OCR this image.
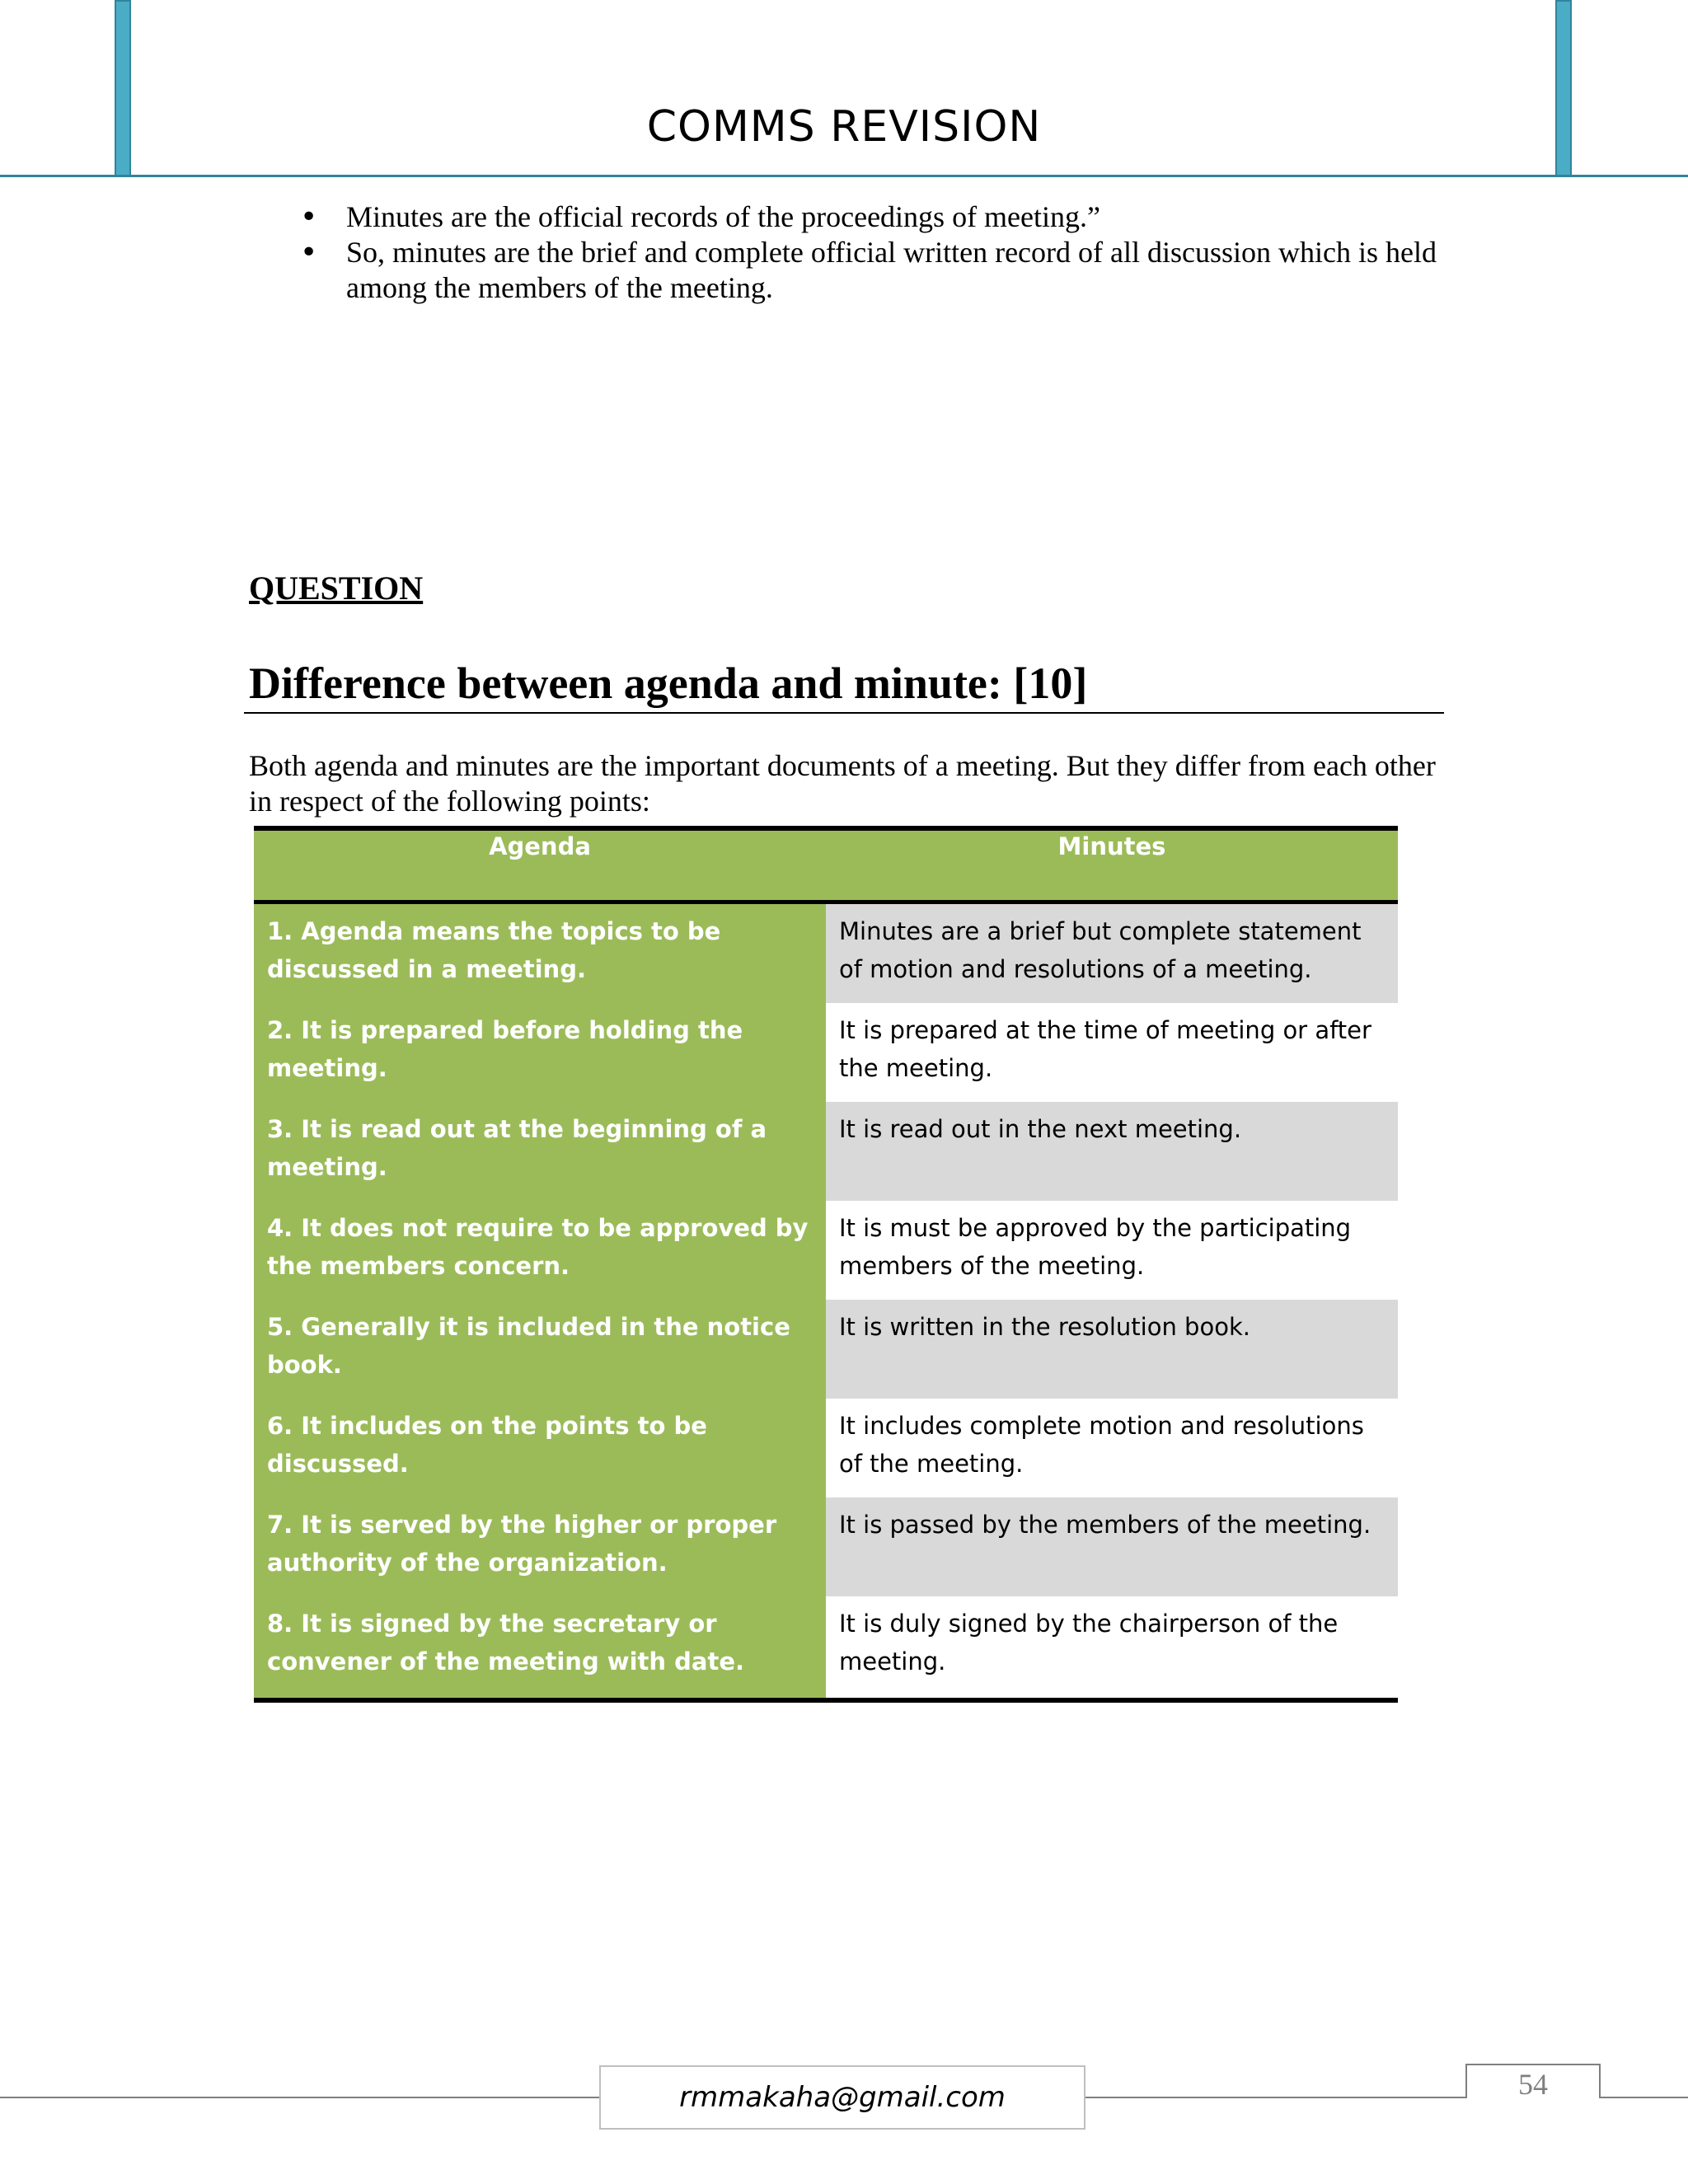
COMMS REVISION
• Minutes are the official records of the proceedings of meeting.”
• So, minutes are the brief and complete official written record of all discussion which is held among the members of the meeting.
QUESTION
Difference between agenda and minute: [10]
Both agenda and minutes are the important documents of a meeting. But they differ from each other in respect of the following points:
Agenda	Minutes
1. Agenda means the topics to be discussed in a meeting.
Minutes are a brief but complete statement of motion and resolutions of a meeting.
2. It is prepared before holding the meeting.
It is prepared at the time of meeting or after the meeting.
3. It is read out at the beginning of a meeting.
It is read out in the next meeting.
4. It does not require to be approved by the members concern.
It is must be approved by the participating members of the meeting.
5. Generally it is included in the notice book.
It is written in the resolution book.
6. It includes on the points to be discussed.
It includes complete motion and resolutions of the meeting.
7. It is served by the higher or proper authority of the organization.
It is passed by the members of the meeting.
8. It is signed by the secretary or convener of the meeting with date.
It is duly signed by the chairperson of the meeting.
rmmakaha@gmail.com	54
